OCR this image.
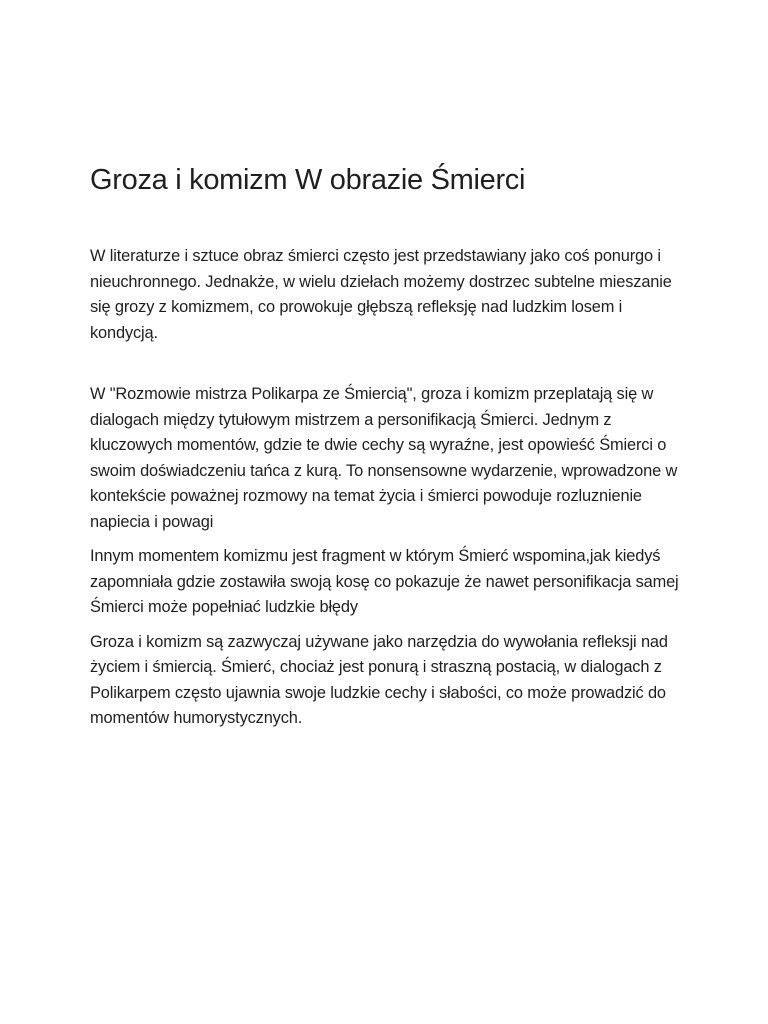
Groza i komizm W obrazie Śmierci

W literaturze i sztuce obraz śmierci często jest przedstawiany jako coś ponurgo i nieuchronnego. Jednakże, w wielu dziełach możemy dostrzec subtelne mieszanie się grozy z komizmem, co prowokuje głębszą refleksję nad ludzkim losem i kondycją.

W "Rozmowie mistrza Polikarpa ze Śmiercią", groza i komizm przeplatają się w dialogach między tytułowym mistrzem a personifikacją Śmierci. Jednym z kluczowych momentów, gdzie te dwie cechy są wyraźne, jest opowieść Śmierci o swoim doświadczeniu tańca z kurą. To nonsensowne wydarzenie, wprowadzone w kontekście poważnej rozmowy na temat życia i śmierci powoduje rozluznienie napiecia i powagi

Innym momentem komizmu jest fragment w którym Śmierć wspomina,jak kiedyś zapomniała gdzie zostawiła swoją kosę co pokazuje że nawet personifikacja samej Śmierci może popełniać ludzkie błędy

Groza i komizm są zazwyczaj używane jako narzędzia do wywołania refleksji nad życiem i śmiercią. Śmierć, chociaż jest ponurą i straszną postacią, w dialogach z Polikarpem często ujawnia swoje ludzkie cechy i słabości, co może prowadzić do momentów humorystycznych.
